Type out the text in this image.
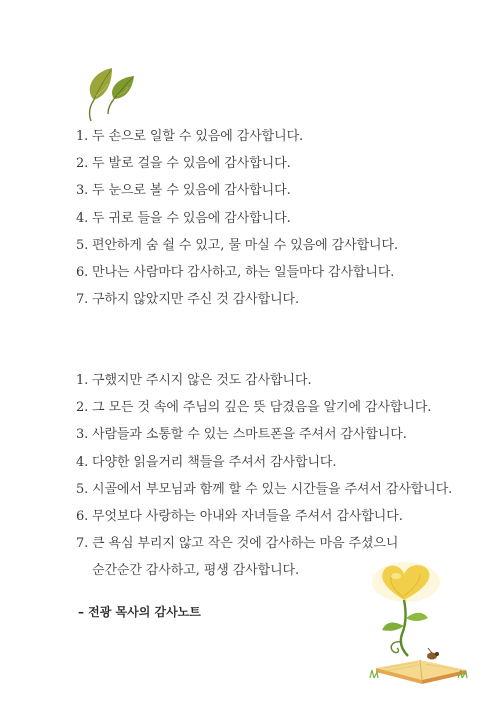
1. 두 손으로 일할 수 있음에 감사합니다.
2. 두 발로 걸을 수 있음에 감사합니다.
3. 두 눈으로 볼 수 있음에 감사합니다.
4. 두 귀로 들을 수 있음에 감사합니다.
5. 편안하게 숨 쉴 수 있고, 물 마실 수 있음에 감사합니다.
6. 만나는 사람마다 감사하고, 하는 일들마다 감사합니다.
7. 구하지 않았지만 주신 것 감사합니다.
1. 구했지만 주시지 않은 것도 감사합니다.
2. 그 모든 것 속에 주님의 깊은 뜻 담겼음을 알기에 감사합니다.
3. 사람들과 소통할 수 있는 스마트폰을 주셔서 감사합니다.
4. 다양한 읽을거리 책들을 주셔서 감사합니다.
5. 시골에서 부모님과 함께 할 수 있는 시간들을 주셔서 감사합니다.
6. 무엇보다 사랑하는 아내와 자녀들을 주셔서 감사합니다.
7. 큰 욕심 부리지 않고 작은 것에 감사하는 마음 주셨으니
순간순간 감사하고, 평생 감사합니다.
– 전광 목사의 감사노트
